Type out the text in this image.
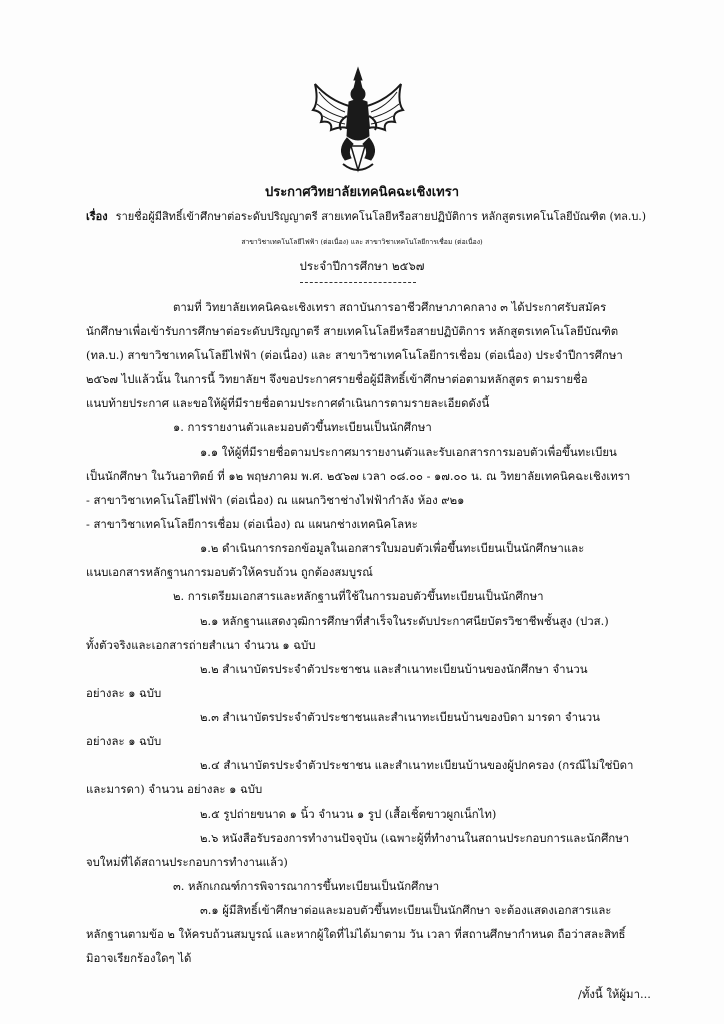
ประกาศวิทยาลัยเทคนิคฉะเชิงเทรา
เรื่อง รายชื่อผู้มีสิทธิ์เข้าศึกษาต่อระดับปริญญาตรี สายเทคโนโลยีหรือสายปฏิบัติการ หลักสูตรเทคโนโลยีบัณฑิต (ทล.บ.)
สาขาวิชาเทคโนโลยีไฟฟ้า (ต่อเนื่อง) และ สาขาวิชาเทคโนโลยีการเชื่อม (ต่อเนื่อง)
ประจำปีการศึกษา ๒๕๖๗
ตามที่ วิทยาลัยเทคนิคฉะเชิงเทรา สถาบันการอาชีวศึกษาภาคกลาง ๓ ได้ประกาศรับสมัคร
นักศึกษาเพื่อเข้ารับการศึกษาต่อระดับปริญญาตรี สายเทคโนโลยีหรือสายปฏิบัติการ หลักสูตรเทคโนโลยีบัณฑิต
(ทล.บ.) สาขาวิชาเทคโนโลยีไฟฟ้า (ต่อเนื่อง) และ สาขาวิชาเทคโนโลยีการเชื่อม (ต่อเนื่อง) ประจำปีการศึกษา
๒๕๖๗ ไปแล้วนั้น ในการนี้ วิทยาลัยฯ จึงขอประกาศรายชื่อผู้มีสิทธิ์เข้าศึกษาต่อตามหลักสูตร ตามรายชื่อ
แนบท้ายประกาศ และขอให้ผู้ที่มีรายชื่อตามประกาศดำเนินการตามรายละเอียดดังนี้
๑. การรายงานตัวและมอบตัวขึ้นทะเบียนเป็นนักศึกษา
๑.๑ ให้ผู้ที่มีรายชื่อตามประกาศมารายงานตัวและรับเอกสารการมอบตัวเพื่อขึ้นทะเบียน
เป็นนักศึกษา ในวันอาทิตย์ ที่ ๑๒ พฤษภาคม พ.ศ. ๒๕๖๗ เวลา ๐๘.๐๐ - ๑๗.๐๐ น. ณ วิทยาลัยเทคนิคฉะเชิงเทรา
- สาขาวิชาเทคโนโลยีไฟฟ้า (ต่อเนื่อง) ณ แผนกวิชาช่างไฟฟ้ากำลัง ห้อง ๙๒๑
- สาขาวิชาเทคโนโลยีการเชื่อม (ต่อเนื่อง) ณ แผนกช่างเทคนิคโลหะ
๑.๒ ดำเนินการกรอกข้อมูลในเอกสารใบมอบตัวเพื่อขึ้นทะเบียนเป็นนักศึกษาและ
แนบเอกสารหลักฐานการมอบตัวให้ครบถ้วน ถูกต้องสมบูรณ์
๒. การเตรียมเอกสารและหลักฐานที่ใช้ในการมอบตัวขึ้นทะเบียนเป็นนักศึกษา
๒.๑ หลักฐานแสดงวุฒิการศึกษาที่สำเร็จในระดับประกาศนียบัตรวิชาชีพชั้นสูง (ปวส.)
ทั้งตัวจริงและเอกสารถ่ายสำเนา จำนวน ๑ ฉบับ
๒.๒ สำเนาบัตรประจำตัวประชาชน และสำเนาทะเบียนบ้านของนักศึกษา จำนวน
อย่างละ ๑ ฉบับ
๒.๓ สำเนาบัตรประจำตัวประชาชนและสำเนาทะเบียนบ้านของบิดา มารดา จำนวน
อย่างละ ๑ ฉบับ
๒.๔ สำเนาบัตรประจำตัวประชาชน และสำเนาทะเบียนบ้านของผู้ปกครอง (กรณีไม่ใช่บิดา
และมารดา) จำนวน อย่างละ ๑ ฉบับ
๒.๕ รูปถ่ายขนาด ๑ นิ้ว จำนวน ๑ รูป (เสื้อเชิ้ตขาวผูกเน็กไท)
๒.๖ หนังสือรับรองการทำงานปัจจุบัน (เฉพาะผู้ที่ทำงานในสถานประกอบการและนักศึกษา
จบใหม่ที่ได้สถานประกอบการทำงานแล้ว)
๓. หลักเกณฑ์การพิจารณาการขึ้นทะเบียนเป็นนักศึกษา
๓.๑ ผู้มีสิทธิ์เข้าศึกษาต่อและมอบตัวขึ้นทะเบียนเป็นนักศึกษา จะต้องแสดงเอกสารและ
หลักฐานตามข้อ ๒ ให้ครบถ้วนสมบูรณ์ และหากผู้ใดที่ไม่ได้มาตาม วัน เวลา ที่สถานศึกษากำหนด ถือว่าสละสิทธิ์
มิอาจเรียกร้องใดๆ ได้
/ทั้งนี้ ให้ผู้มา...
